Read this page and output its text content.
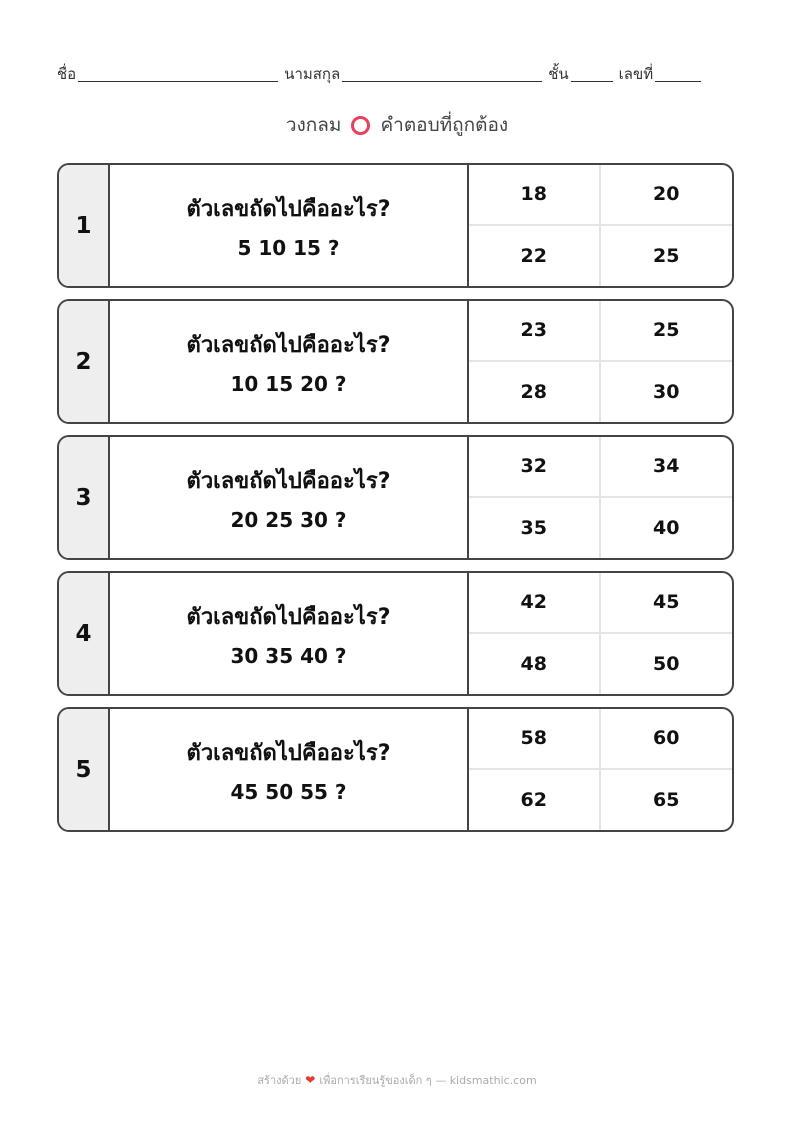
ชื่อ	นามสกุล	ชั้น	เลขที่
วงกลม คำตอบที่ถูกต้อง
1
ตัวเลขถัดไปคืออะไร?
5 10 15 ?
18	20
22	25
2
ตัวเลขถัดไปคืออะไร?
10 15 20 ?
23	25
28	30
3
ตัวเลขถัดไปคืออะไร?
20 25 30 ?
32	34
35	40
4
ตัวเลขถัดไปคืออะไร?
30 35 40 ?
42	45
48	50
5
ตัวเลขถัดไปคืออะไร?
45 50 55 ?
58	60
62	65
สร้างด้วย ❤ เพื่อการเรียนรู้ของเด็ก ๆ — kidsmathic.com
